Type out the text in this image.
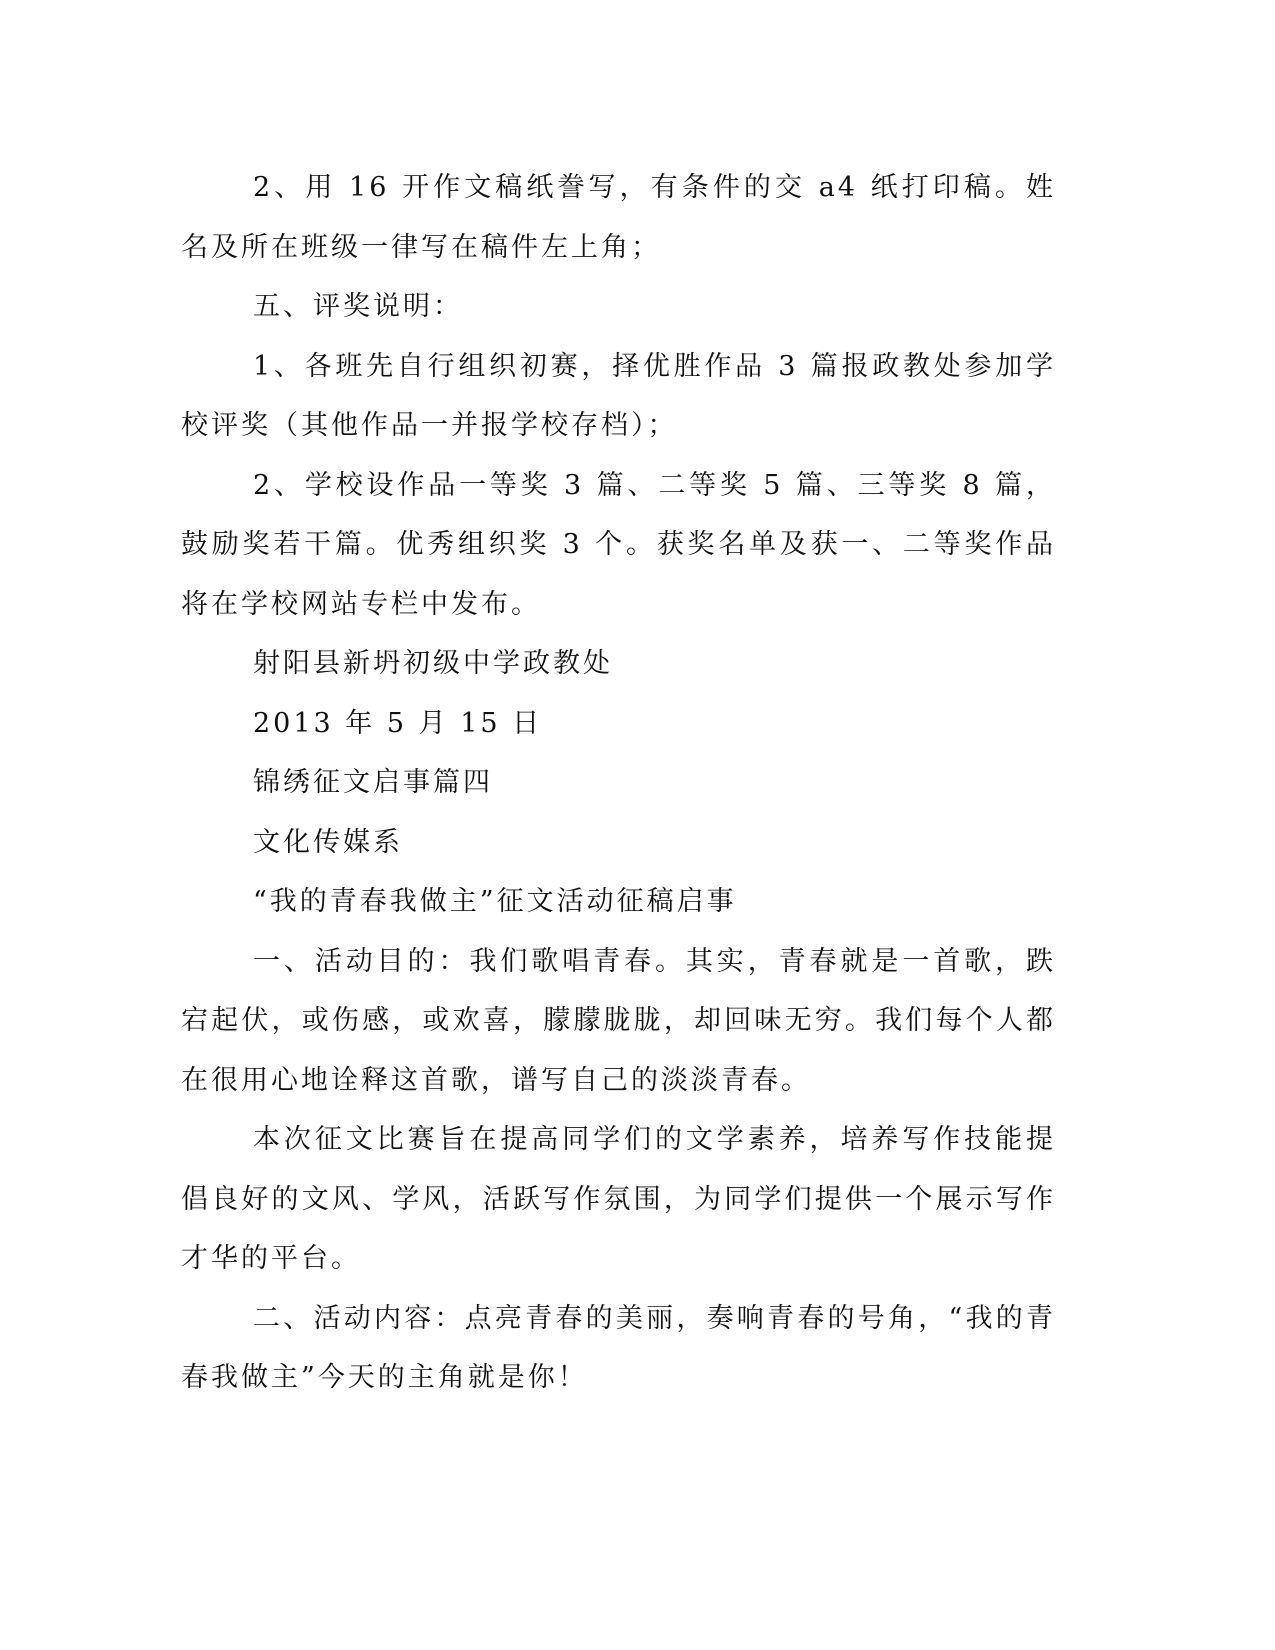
2、用 16 开作文稿纸誊写，有条件的交 a4 纸打印稿。姓名及所在班级一律写在稿件左上角；

五、评奖说明：

1、各班先自行组织初赛，择优胜作品 3 篇报政教处参加学校评奖（其他作品一并报学校存档）；

2、学校设作品一等奖 3 篇、二等奖 5 篇、三等奖 8 篇，鼓励奖若干篇。优秀组织奖 3 个。获奖名单及获一、二等奖作品将在学校网站专栏中发布。

射阳县新坍初级中学政教处

2013 年 5 月 15 日

锦绣征文启事篇四

文化传媒系

“我的青春我做主”征文活动征稿启事

一、活动目的：我们歌唱青春。其实，青春就是一首歌，跌宕起伏，或伤感，或欢喜，朦朦胧胧，却回味无穷。我们每个人都在很用心地诠释这首歌，谱写自己的淡淡青春。

本次征文比赛旨在提高同学们的文学素养，培养写作技能提倡良好的文风、学风，活跃写作氛围，为同学们提供一个展示写作才华的平台。

二、活动内容：点亮青春的美丽，奏响青春的号角，“我的青春我做主”今天的主角就是你！
